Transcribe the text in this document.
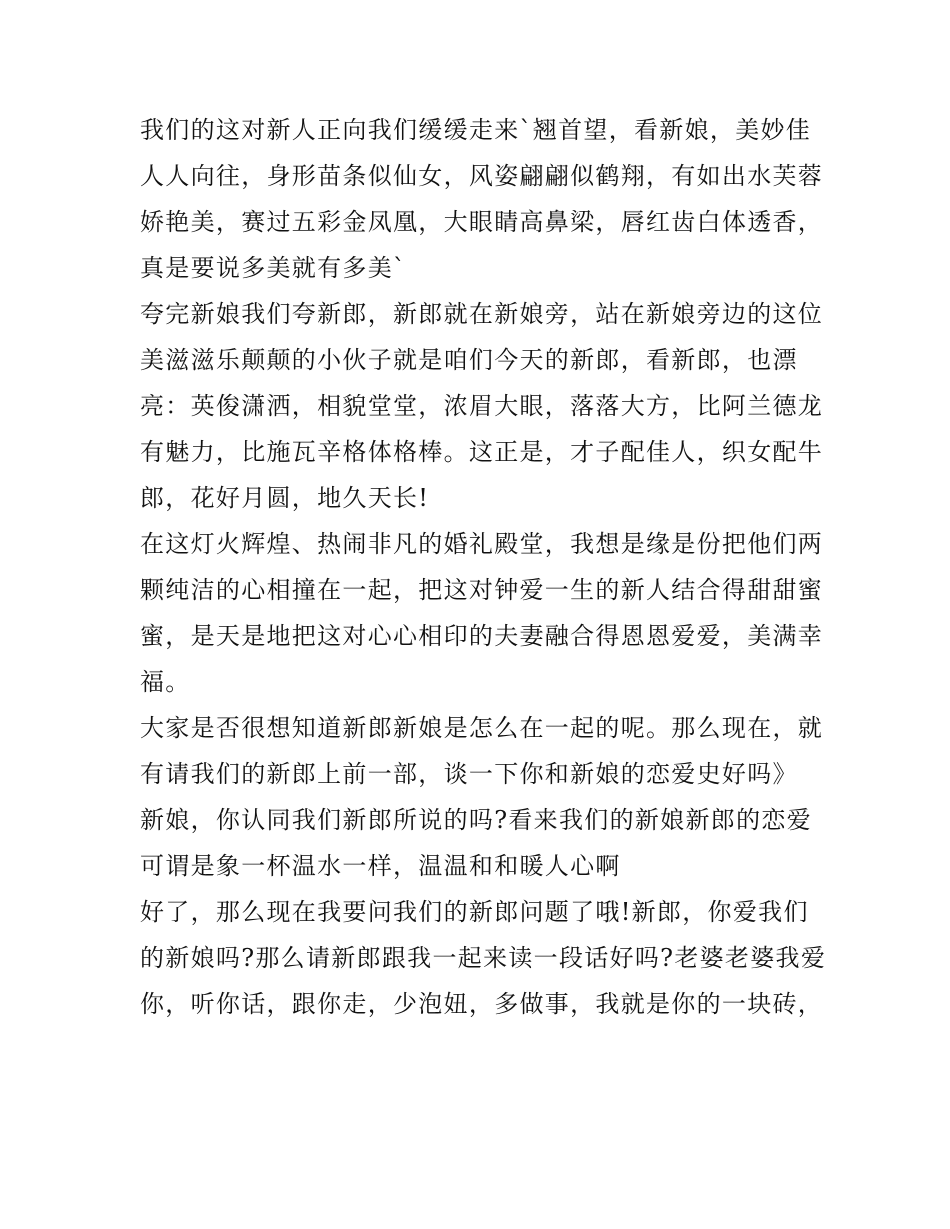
我们的这对新人正向我们缓缓走来`翘首望，看新娘，美妙佳
人人向往，身形苗条似仙女，风姿翩翩似鹤翔，有如出水芙蓉
娇艳美，赛过五彩金凤凰，大眼睛高鼻梁，唇红齿白体透香，
真是要说多美就有多美`
夸完新娘我们夸新郎，新郎就在新娘旁，站在新娘旁边的这位
美滋滋乐颠颠的小伙子就是咱们今天的新郎，看新郎，也漂
亮：英俊潇洒，相貌堂堂，浓眉大眼，落落大方，比阿兰德龙
有魅力，比施瓦辛格体格棒。这正是，才子配佳人，织女配牛
郎，花好月圆，地久天长!
在这灯火辉煌、热闹非凡的婚礼殿堂，我想是缘是份把他们两
颗纯洁的心相撞在一起，把这对钟爱一生的新人结合得甜甜蜜
蜜，是天是地把这对心心相印的夫妻融合得恩恩爱爱，美满幸
福。
大家是否很想知道新郎新娘是怎么在一起的呢。那么现在，就
有请我们的新郎上前一部，谈一下你和新娘的恋爱史好吗》
新娘，你认同我们新郎所说的吗?看来我们的新娘新郎的恋爱
可谓是象一杯温水一样，温温和和暖人心啊
好了，那么现在我要问我们的新郎问题了哦!新郎，你爱我们
的新娘吗?那么请新郎跟我一起来读一段话好吗?老婆老婆我爱
你，听你话，跟你走，少泡妞，多做事，我就是你的一块砖，
